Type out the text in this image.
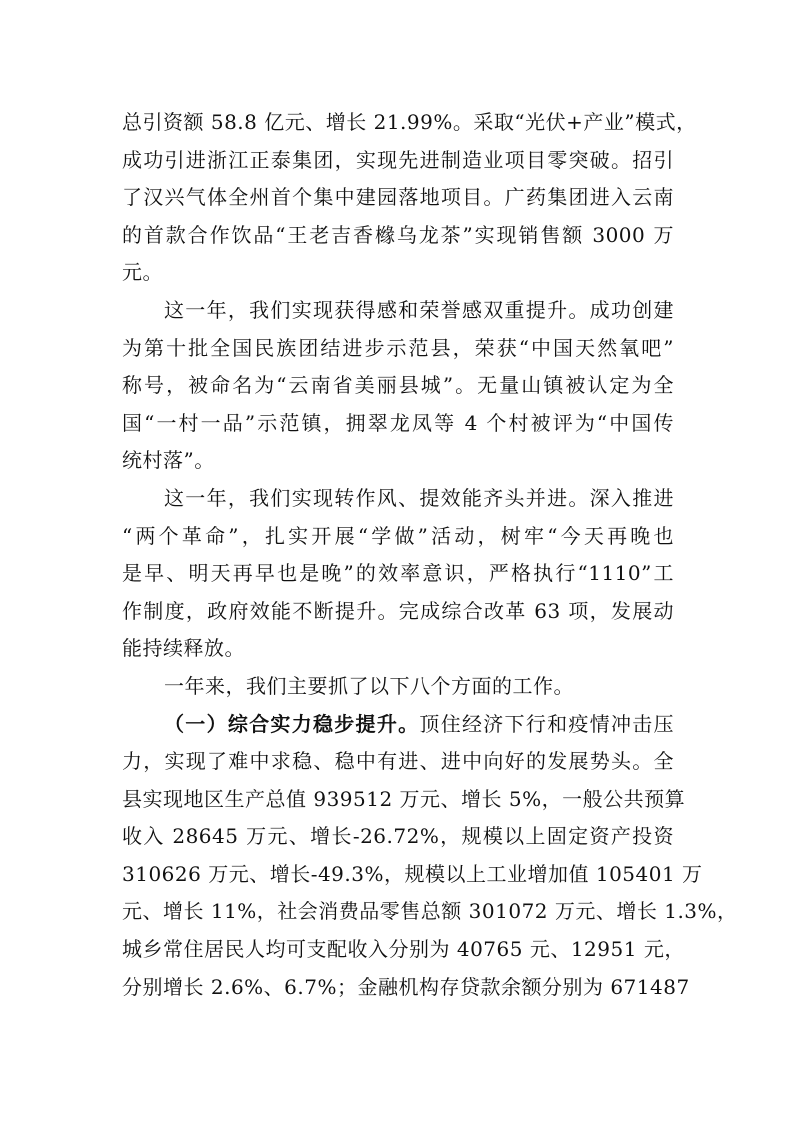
总引资额 58.8 亿元、增长 21.99%。采取“光伏+产业”模式，
成功引进浙江正泰集团，实现先进制造业项目零突破。招引
了汉兴气体全州首个集中建园落地项目。广药集团进入云南
的首款合作饮品“王老吉香橼乌龙茶”实现销售额 3000 万
元。
这一年，我们实现获得感和荣誉感双重提升。成功创建
为第十批全国民族团结进步示范县，荣获“中国天然氧吧”
称号，被命名为“云南省美丽县城”。无量山镇被认定为全
国“一村一品”示范镇，拥翠龙凤等 4 个村被评为“中国传
统村落”。
这一年，我们实现转作风、提效能齐头并进。深入推进
“两个革命”，扎实开展“学做”活动，树牢“今天再晚也
是早、明天再早也是晚”的效率意识，严格执行“1110”工
作制度，政府效能不断提升。完成综合改革 63 项，发展动
能持续释放。
一年来，我们主要抓了以下八个方面的工作。
（一）综合实力稳步提升。顶住经济下行和疫情冲击压
力，实现了难中求稳、稳中有进、进中向好的发展势头。全
县实现地区生产总值 939512 万元、增长 5%，一般公共预算
收入 28645 万元、增长-26.72%，规模以上固定资产投资
310626 万元、增长-49.3%，规模以上工业增加值 105401 万
元、增长 11%，社会消费品零售总额 301072 万元、增长 1.3%，
城乡常住居民人均可支配收入分别为 40765 元、12951 元，
分别增长 2.6%、6.7%；金融机构存贷款余额分别为 671487
